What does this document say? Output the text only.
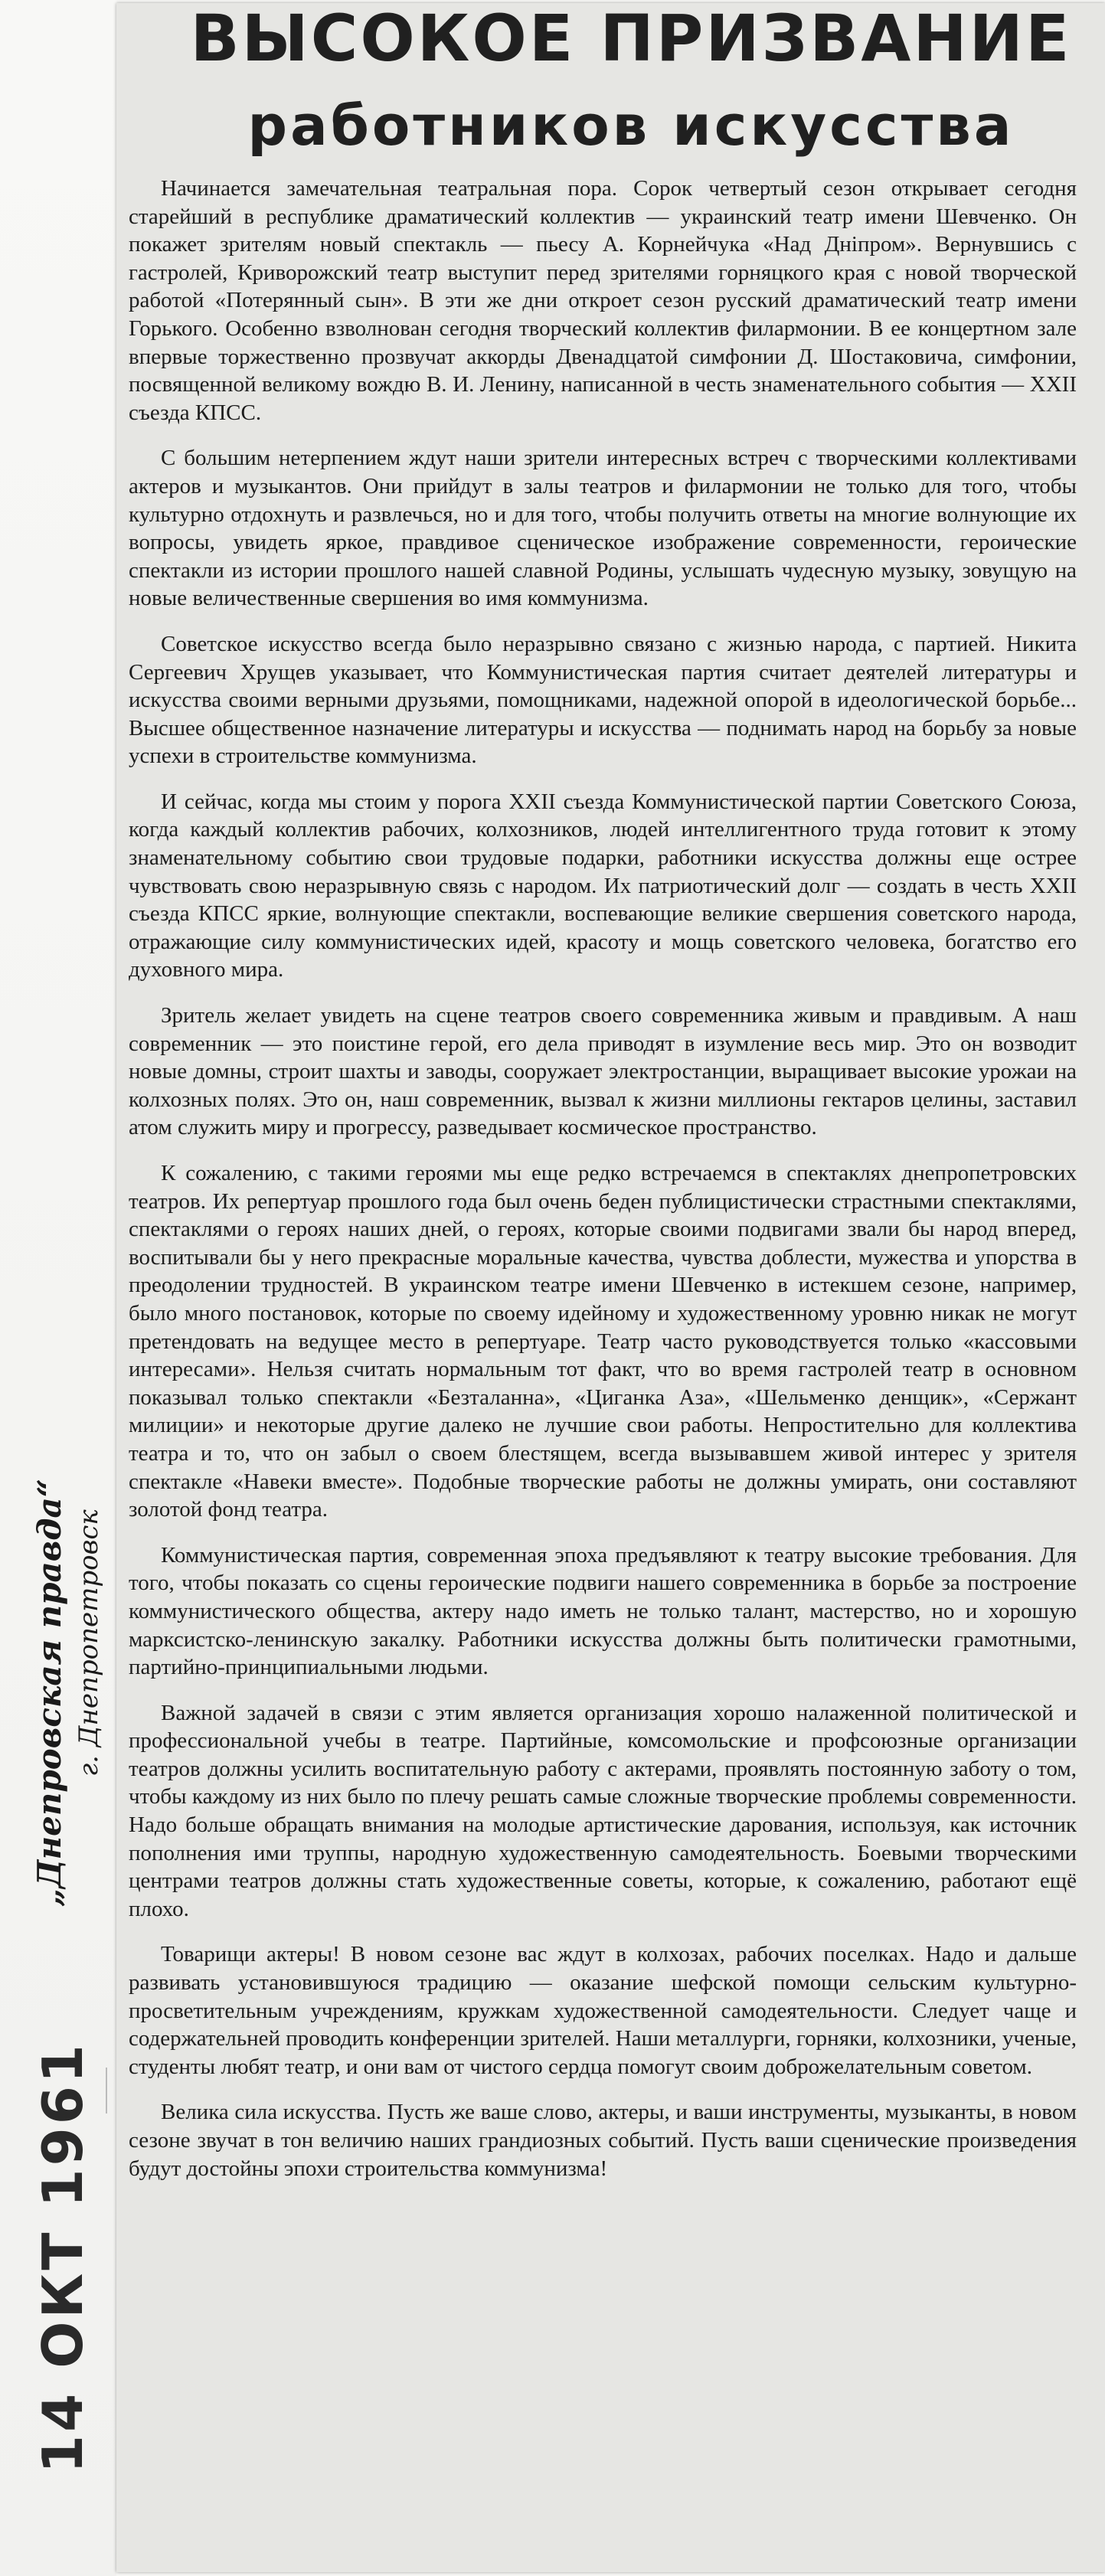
„Днепровская правда“ г. Днепропетровск
14 ОКТ 1961
ВЫСОКОЕ ПРИЗВАНИЕ
работников искусства

Начинается замечательная театральная пора. Сорок четвертый сезон открывает сегодня старейший в республике драматический коллектив — украинский театр имени Шевченко. Он покажет зрителям новый спектакль — пьесу А. Корнейчука «Над Дніпром». Вернувшись с гастролей, Криворожский театр выступит перед зрителями горняцкого края с новой творческой работой «Потерянный сын». В эти же дни откроет сезон русский драматический театр имени Горького. Особенно взволнован сегодня творческий коллектив филармонии. В ее концертном зале впервые торжественно прозвучат аккорды Двенадцатой симфонии Д. Шостаковича, симфонии, посвященной великому вождю В. И. Ленину, написанной в честь знаменательного события — XXII съезда КПСС.

С большим нетерпением ждут наши зрители интересных встреч с творческими коллективами актеров и музыкантов. Они прийдут в залы театров и филармонии не только для того, чтобы культурно отдохнуть и развлечься, но и для того, чтобы получить ответы на многие волнующие их вопросы, увидеть яркое, правдивое сценическое изображение современности, героические спектакли из истории прошлого нашей славной Родины, услышать чудесную музыку, зовущую на новые величественные свершения во имя коммунизма.

Советское искусство всегда было неразрывно связано с жизнью народа, с партией. Никита Сергеевич Хрущев указывает, что Коммунистическая партия считает деятелей литературы и искусства своими верными друзьями, помощниками, надежной опорой в идеологической борьбе... Высшее общественное назначение литературы и искусства — поднимать народ на борьбу за новые успехи в строительстве коммунизма.

И сейчас, когда мы стоим у порога XXII съезда Коммунистической партии Советского Союза, когда каждый коллектив рабочих, колхозников, людей интеллигентного труда готовит к этому знаменательному событию свои трудовые подарки, работники искусства должны еще острее чувствовать свою неразрывную связь с народом. Их патриотический долг — создать в честь XXII съезда КПСС яркие, волнующие спектакли, воспевающие великие свершения советского народа, отражающие силу коммунистических идей, красоту и мощь советского человека, богатство его духовного мира.

Зритель желает увидеть на сцене театров своего современника живым и правдивым. А наш современник — это поистине герой, его дела приводят в изумление весь мир. Это он возводит новые домны, строит шахты и заводы, сооружает электростанции, выращивает высокие урожаи на колхозных полях. Это он, наш современник, вызвал к жизни миллионы гектаров целины, заставил атом служить миру и прогрессу, разведывает космическое пространство.

К сожалению, с такими героями мы еще редко встречаемся в спектаклях днепропетровских театров. Их репертуар прошлого года был очень беден публицистически страстными спектаклями, спектаклями о героях наших дней, о героях, которые своими подвигами звали бы народ вперед, воспитывали бы у него прекрасные моральные качества, чувства доблести, мужества и упорства в преодолении трудностей. В украинском театре имени Шевченко в истекшем сезоне, например, было много постановок, которые по своему идейному и художественному уровню никак не могут претендовать на ведущее место в репертуаре. Театр часто руководствуется только «кассовыми интересами». Нельзя считать нормальным тот факт, что во время гастролей театр в основном показывал только спектакли «Безталанна», «Циганка Аза», «Шельменко денщик», «Сержант милиции» и некоторые другие далеко не лучшие свои работы. Непростительно для коллектива театра и то, что он забыл о своем блестящем, всегда вызывавшем живой интерес у зрителя спектакле «Навеки вместе». Подобные творческие работы не должны умирать, они составляют золотой фонд театра.

Коммунистическая партия, современная эпоха предъявляют к театру высокие требования. Для того, чтобы показать со сцены героические подвиги нашего современника в борьбе за построение коммунистического общества, актеру надо иметь не только талант, мастерство, но и хорошую марксистско-ленинскую закалку. Работники искусства должны быть политически грамотными, партийно-принципиальными людьми.

Важной задачей в связи с этим является организация хорошо налаженной политической и профессиональной учебы в театре. Партийные, комсомольские и профсоюзные организации театров должны усилить воспитательную работу с актерами, проявлять постоянную заботу о том, чтобы каждому из них было по плечу решать самые сложные творческие проблемы современности. Надо больше обращать внимания на молодые артистические дарования, используя, как источник пополнения ими труппы, народную художественную самодеятельность. Боевыми творческими центрами театров должны стать художественные советы, которые, к сожалению, работают ещё плохо.

Товарищи актеры! В новом сезоне вас ждут в колхозах, рабочих поселках. Надо и дальше развивать установившуюся традицию — оказание шефской помощи сельским культурно-просветительным учреждениям, кружкам художественной самодеятельности. Следует чаще и содержательней проводить конференции зрителей. Наши металлурги, горняки, колхозники, ученые, студенты любят театр, и они вам от чистого сердца помогут своим доброжелательным советом.

Велика сила искусства. Пусть же ваше слово, актеры, и ваши инструменты, музыканты, в новом сезоне звучат в тон величию наших грандиозных событий. Пусть ваши сценические произведения будут достойны эпохи строительства коммунизма!
